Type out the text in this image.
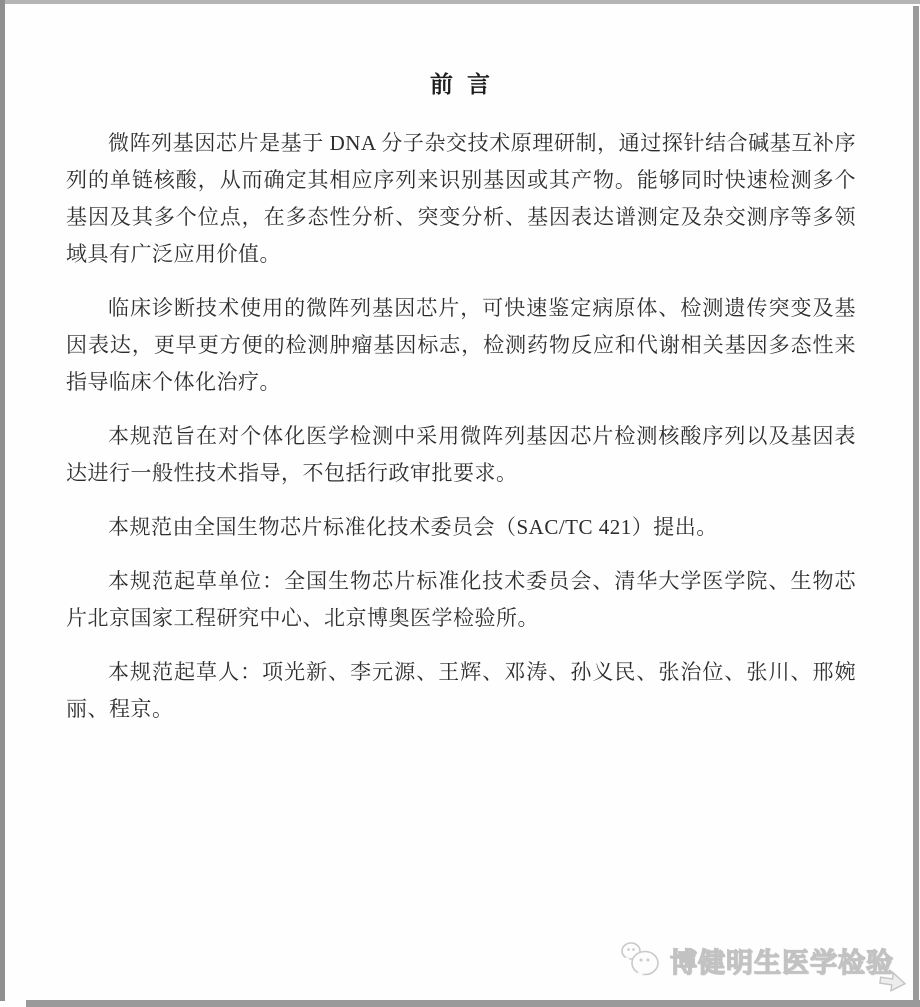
前言

微阵列基因芯片是基于 DNA 分子杂交技术原理研制，通过探针结合碱基互补序列的单链核酸，从而确定其相应序列来识别基因或其产物。能够同时快速检测多个基因及其多个位点，在多态性分析、突变分析、基因表达谱测定及杂交测序等多领域具有广泛应用价值。

临床诊断技术使用的微阵列基因芯片，可快速鉴定病原体、检测遗传突变及基因表达，更早更方便的检测肿瘤基因标志，检测药物反应和代谢相关基因多态性来指导临床个体化治疗。

本规范旨在对个体化医学检测中采用微阵列基因芯片检测核酸序列以及基因表达进行一般性技术指导，不包括行政审批要求。

本规范由全国生物芯片标准化技术委员会（SAC/TC 421）提出。

本规范起草单位：全国生物芯片标准化技术委员会、清华大学医学院、生物芯片北京国家工程研究中心、北京博奥医学检验所。

本规范起草人：项光新、李元源、王辉、邓涛、孙义民、张治位、张川、邢婉丽、程京。

博健明生医学检验
